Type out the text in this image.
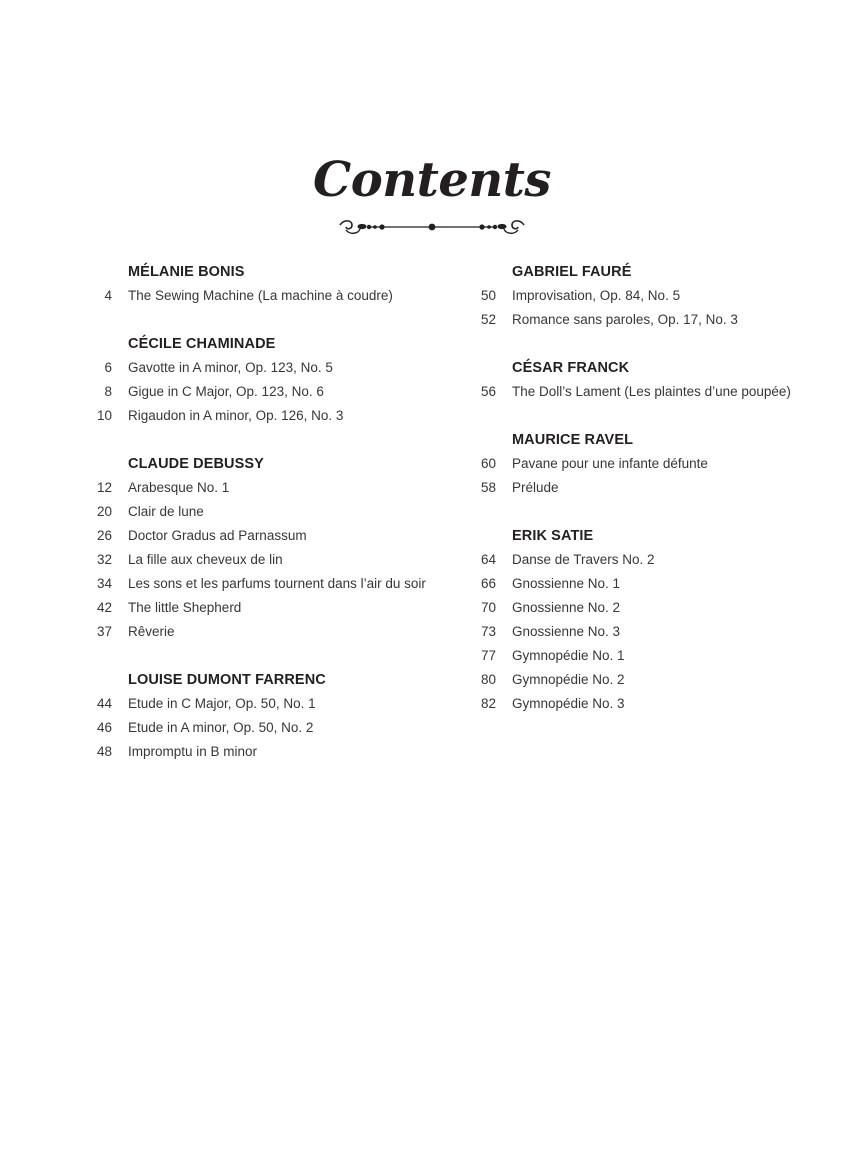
Contents
MÉLANIE BONIS
4	The Sewing Machine (La machine à coudre)
CÉCILE CHAMINADE
6	Gavotte in A minor, Op. 123, No. 5
8	Gigue in C Major, Op. 123, No. 6
10	Rigaudon in A minor, Op. 126, No. 3
CLAUDE DEBUSSY
12	Arabesque No. 1
20	Clair de lune
26	Doctor Gradus ad Parnassum
32	La fille aux cheveux de lin
34	Les sons et les parfums tournent dans l’air du soir
42	The little Shepherd
37	Rêverie
LOUISE DUMONT FARRENC
44	Etude in C Major, Op. 50, No. 1
46	Etude in A minor, Op. 50, No. 2
48	Impromptu in B minor
GABRIEL FAURÉ
50	Improvisation, Op. 84, No. 5
52	Romance sans paroles, Op. 17, No. 3
CÉSAR FRANCK
56	The Doll’s Lament (Les plaintes d’une poupée)
MAURICE RAVEL
60	Pavane pour une infante défunte
58	Prélude
ERIK SATIE
64	Danse de Travers No. 2
66	Gnossienne No. 1
70	Gnossienne No. 2
73	Gnossienne No. 3
77	Gymnopédie No. 1
80	Gymnopédie No. 2
82	Gymnopédie No. 3
